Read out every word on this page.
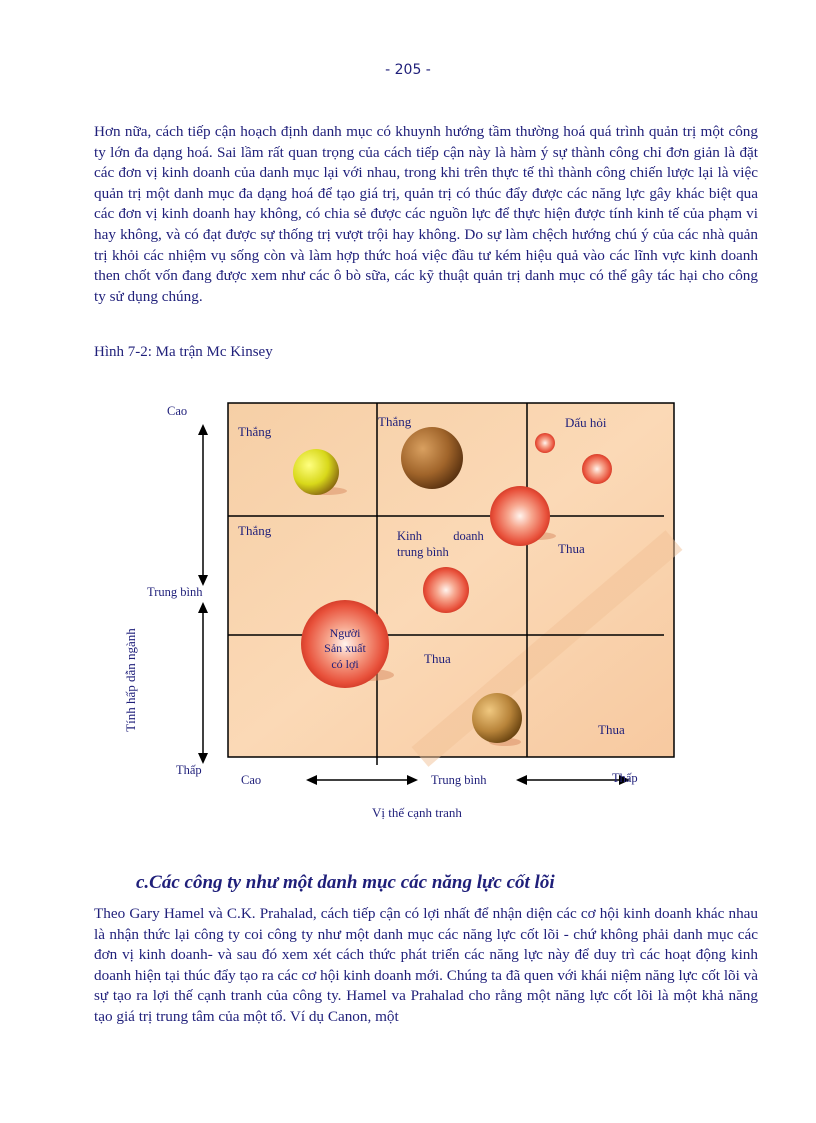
- 205 -

Hơn nữa, cách tiếp cận hoạch định danh mục có khuynh hướng tầm thường hoá quá trình quản trị một công ty lớn đa dạng hoá. Sai lầm rất quan trọng của cách tiếp cận này là hàm ý sự thành công chỉ đơn giản là đặt các đơn vị kinh doanh của danh mục lại với nhau, trong khi trên thực tế thì thành công chiến lược lại là việc quản trị một danh mục đa dạng hoá để tạo giá trị, quản trị có thúc đẩy được các năng lực gây khác biệt qua các đơn vị kinh doanh hay không, có chia sẻ được các nguồn lực để thực hiện được tính kinh tế của phạm vi hay không, và có đạt được sự thống trị vượt trội hay không. Do sự làm chệch hướng chú ý của các nhà quản trị khỏi các nhiệm vụ sống còn và làm hợp thức hoá việc đầu tư kém hiệu quả vào các lĩnh vực kinh doanh then chốt vốn đang được xem như các ô bò sữa, các kỹ thuật quản trị danh mục có thể gây tác hại cho công ty sử dụng chúng.

Hình 7-2: Ma trận Mc Kinsey
Thắng
Thắng	Dấu hỏi
Thắng	Kinh          doanh
trung bình	Thua
Người
Sản xuất
có lợi	Thua
Thua
Cao
Trung bình
Thấp
Tính hấp dẫn ngành
Cao	Trung bình	Thấp
Vị thế cạnh tranh
c.Các công ty như một danh mục các năng lực cốt lõi

Theo Gary Hamel và C.K. Prahalad, cách tiếp cận có lợi nhất để nhận diện các cơ hội kinh doanh khác nhau là nhận thức lại công ty coi công ty như một danh mục các năng lực cốt lõi - chứ không phải danh mục các đơn vị kinh doanh- và sau đó xem xét cách thức phát triển các năng lực này để duy trì các hoạt động kinh doanh hiện tại thúc đẩy tạo ra các cơ hội kinh doanh mới. Chúng ta đã quen với khái niệm năng lực cốt lõi và sự tạo ra lợi thế cạnh tranh của công ty. Hamel va Prahalad cho rằng một năng lực cốt lõi là một khả năng tạo giá trị trung tâm của một tổ. Ví dụ Canon, một
